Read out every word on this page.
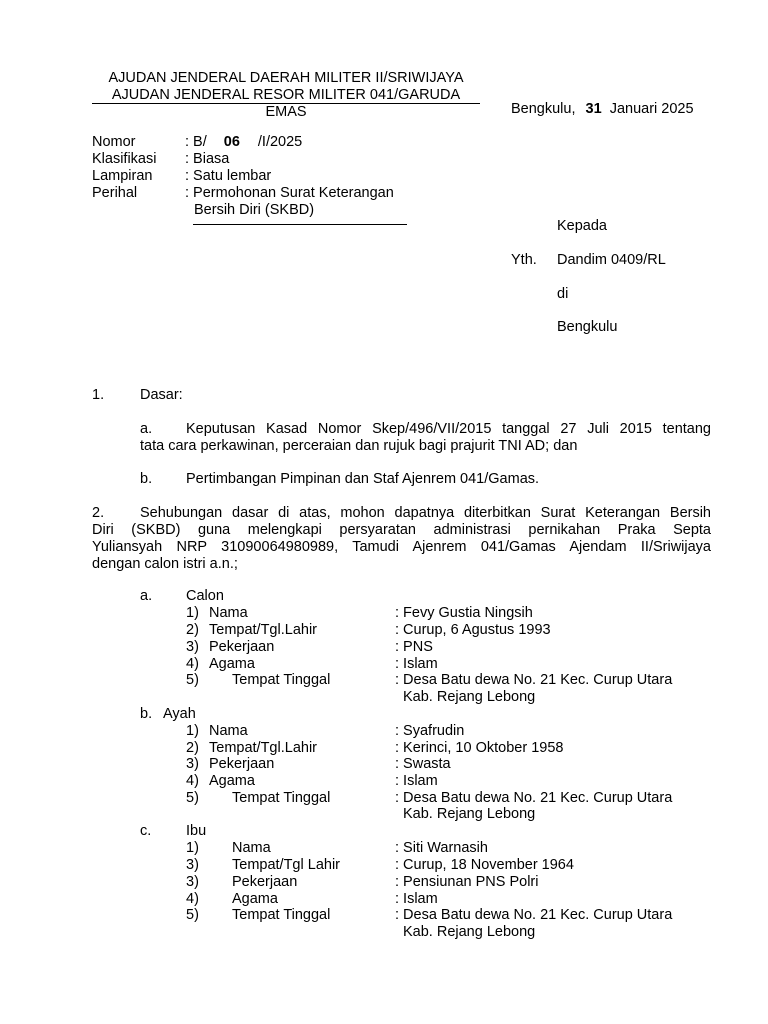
AJUDAN JENDERAL DAERAH MILITER II/SRIWIJAYA
AJUDAN JENDERAL RESOR MILITER 041/GARUDA EMAS	Bengkulu, 31 Januari 2025
Nomor	: B/ 06 /I/2025
Klasifikasi : Biasa
Lampiran : Satu lembar
Perihal	: Permohonan Surat Keterangan
Bersih Diri (SKBD)
Kepada
Yth. Dandim 0409/RL
di
Bengkulu
1. Dasar:
a. Keputusan Kasad Nomor Skep/496/VII/2015 tanggal 27 Juli 2015 tentang
tata cara perkawinan, perceraian dan rujuk bagi prajurit TNI AD; dan
b. Pertimbangan Pimpinan dan Staf Ajenrem 041/Gamas.
2. Sehubungan dasar di atas, mohon dapatnya diterbitkan Surat Keterangan Bersih
Diri (SKBD) guna melengkapi persyaratan administrasi pernikahan Praka Septa
Yuliansyah NRP 31090064980989, Tamudi Ajenrem 041/Gamas Ajendam II/Sriwijaya
dengan calon istri a.n.;
a. Calon
1) Nama	: Fevy Gustia Ningsih
2) Tempat/Tgl.Lahir	: Curup, 6 Agustus 1993
3) Pekerjaan	: PNS
4) Agama	: Islam
5) Tempat Tinggal	: Desa Batu dewa No. 21 Kec. Curup Utara
Kab. Rejang Lebong
b. Ayah
1) Nama	: Syafrudin
2) Tempat/Tgl.Lahir	: Kerinci, 10 Oktober 1958
3) Pekerjaan	: Swasta
4) Agama	: Islam
5) Tempat Tinggal	: Desa Batu dewa No. 21 Kec. Curup Utara
Kab. Rejang Lebong
c. Ibu
1) Nama	: Siti Warnasih
3) Tempat/Tgl Lahir	: Curup, 18 November 1964
3) Pekerjaan	: Pensiunan PNS Polri
4) Agama	: Islam
5) Tempat Tinggal	: Desa Batu dewa No. 21 Kec. Curup Utara
Kab. Rejang Lebong
